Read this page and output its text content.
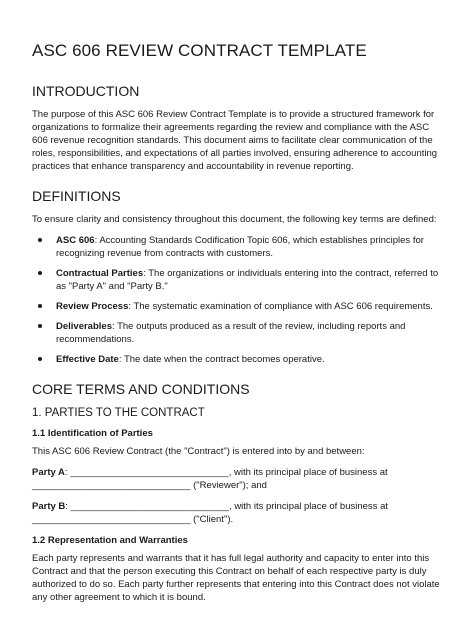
ASC 606 REVIEW CONTRACT TEMPLATE
INTRODUCTION

The purpose of this ASC 606 Review Contract Template is to provide a structured framework for organizations to formalize their agreements regarding the review and compliance with the ASC 606 revenue recognition standards. This document aims to facilitate clear communication of the roles, responsibilities, and expectations of all parties involved, ensuring adherence to accounting practices that enhance transparency and accountability in revenue reporting.

DEFINITIONS

To ensure clarity and consistency throughout this document, the following key terms are defined:

ASC 606: Accounting Standards Codification Topic 606, which establishes principles for recognizing revenue from contracts with customers.
Contractual Parties: The organizations or individuals entering into the contract, referred to as "Party A" and "Party B."
Review Process: The systematic examination of compliance with ASC 606 requirements.
Deliverables: The outputs produced as a result of the review, including reports and recommendations.
Effective Date: The date when the contract becomes operative.
CORE TERMS AND CONDITIONS
1. PARTIES TO THE CONTRACT
1.1 Identification of Parties

This ASC 606 Review Contract (the "Contract") is entered into by and between:

Party A: ______________________________, with its principal place of business at ______________________________ ("Reviewer"); and

Party B: ______________________________, with its principal place of business at ______________________________ ("Client").

1.2 Representation and Warranties

Each party represents and warrants that it has full legal authority and capacity to enter into this Contract and that the person executing this Contract on behalf of each respective party is duly authorized to do so. Each party further represents that entering into this Contract does not violate any other agreement to which it is bound.
